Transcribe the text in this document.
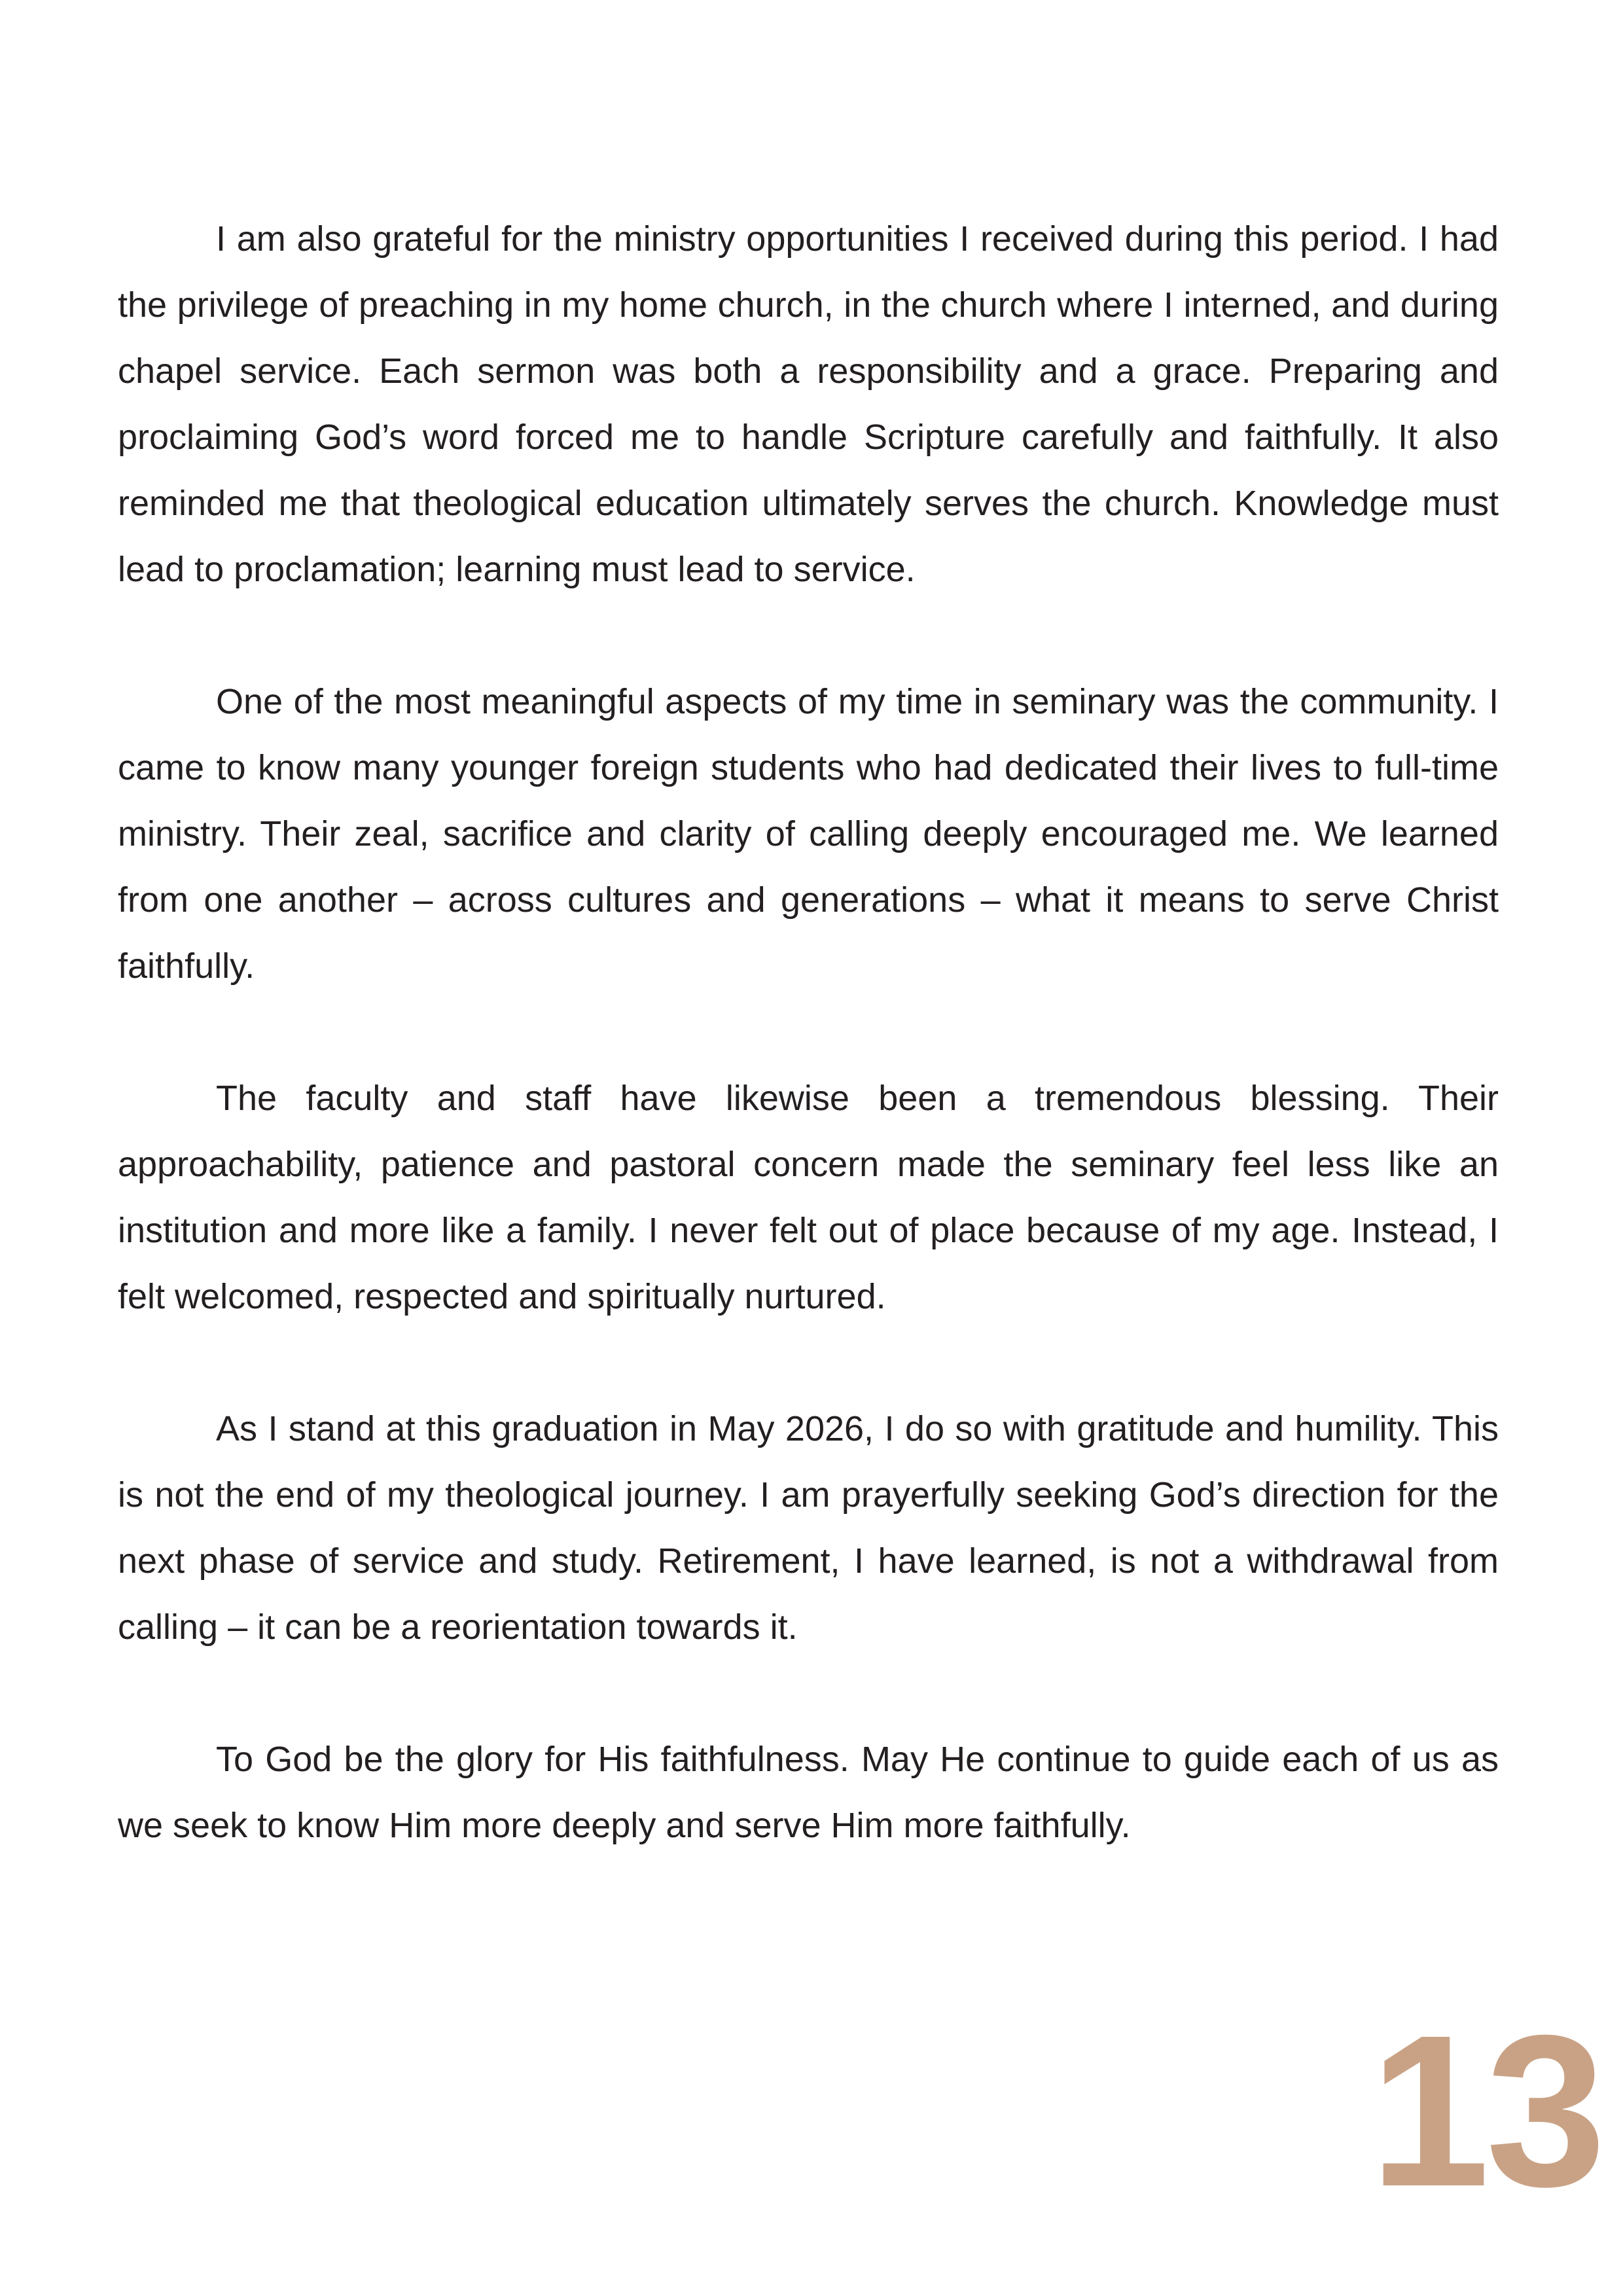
I am also grateful for the ministry opportunities I received during this period. I had the privilege of preaching in my home church, in the church where I interned, and during chapel service. Each sermon was both a responsibility and a grace. Preparing and proclaiming God’s word forced me to handle Scripture carefully and faithfully. It also reminded me that theological education ultimately serves the church. Knowledge must lead to proclamation; learning must lead to service.

One of the most meaningful aspects of my time in seminary was the community. I came to know many younger foreign students who had dedicated their lives to full-time ministry. Their zeal, sacrifice and clarity of calling deeply encouraged me. We learned from one another – across cultures and generations – what it means to serve Christ faithfully.

The faculty and staff have likewise been a tremendous blessing. Their approachability, patience and pastoral concern made the seminary feel less like an institution and more like a family. I never felt out of place because of my age. Instead, I felt welcomed, respected and spiritually nurtured.

As I stand at this graduation in May 2026, I do so with gratitude and humility. This is not the end of my theological journey. I am prayerfully seeking God’s direction for the next phase of service and study. Retirement, I have learned, is not a withdrawal from calling – it can be a reorientation towards it.

To God be the glory for His faithfulness. May He continue to guide each of us as we seek to know Him more deeply and serve Him more faithfully.

13
